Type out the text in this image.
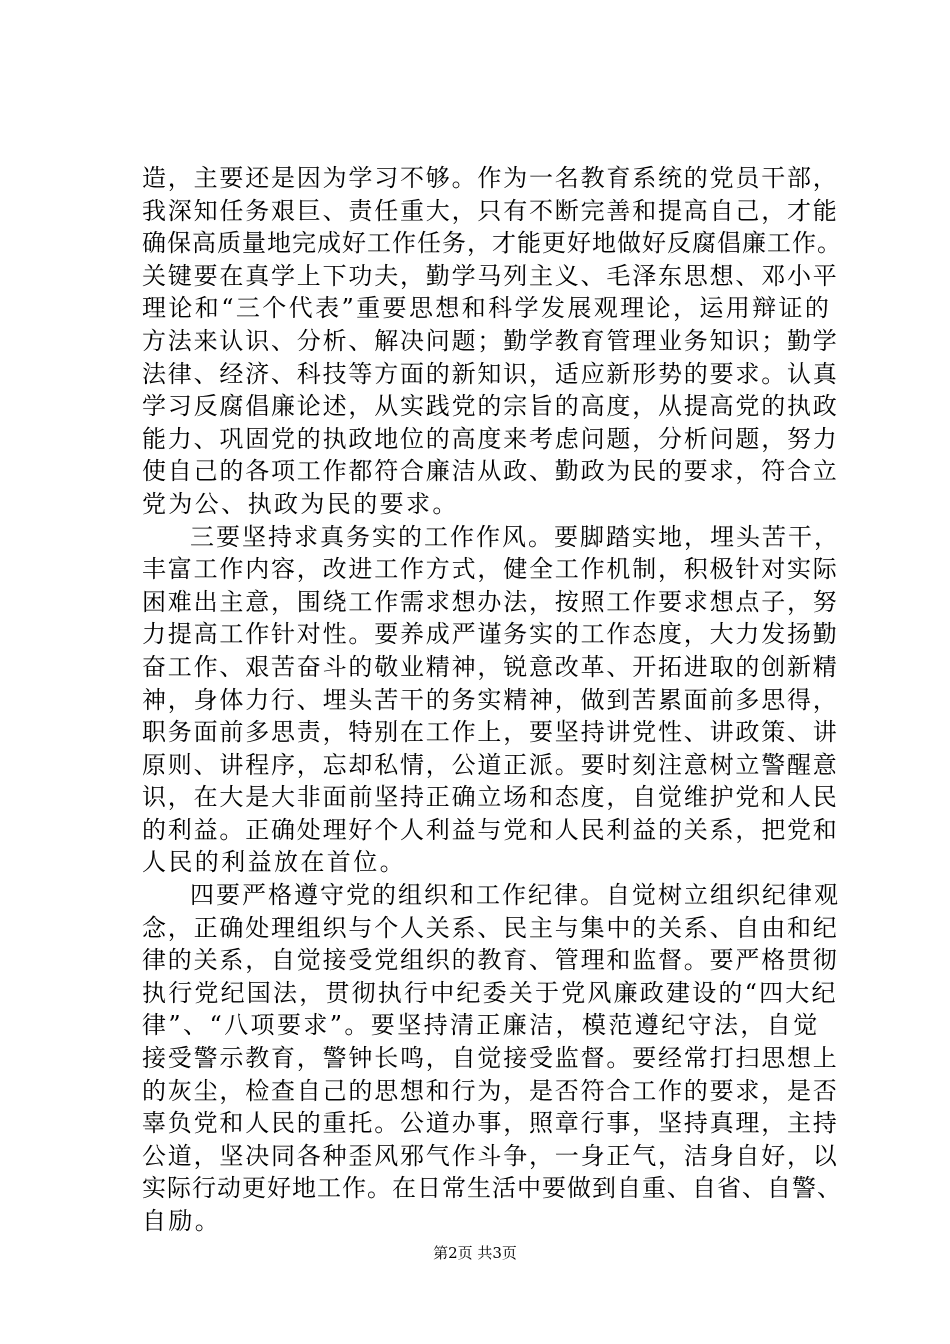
造，主要还是因为学习不够。作为一名教育系统的党员干部，
我深知任务艰巨、责任重大，只有不断完善和提高自己，才能
确保高质量地完成好工作任务，才能更好地做好反腐倡廉工作。
关键要在真学上下功夫，勤学马列主义、毛泽东思想、邓小平
理论和“三个代表”重要思想和科学发展观理论，运用辩证的
方法来认识、分析、解决问题；勤学教育管理业务知识；勤学
法律、经济、科技等方面的新知识，适应新形势的要求。认真
学习反腐倡廉论述，从实践党的宗旨的高度，从提高党的执政
能力、巩固党的执政地位的高度来考虑问题，分析问题，努力
使自己的各项工作都符合廉洁从政、勤政为民的要求，符合立
党为公、执政为民的要求。
三要坚持求真务实的工作作风。要脚踏实地，埋头苦干，
丰富工作内容，改进工作方式，健全工作机制，积极针对实际
困难出主意，围绕工作需求想办法，按照工作要求想点子，努
力提高工作针对性。要养成严谨务实的工作态度，大力发扬勤
奋工作、艰苦奋斗的敬业精神，锐意改革、开拓进取的创新精
神，身体力行、埋头苦干的务实精神，做到苦累面前多思得，
职务面前多思责，特别在工作上，要坚持讲党性、讲政策、讲
原则、讲程序，忘却私情，公道正派。要时刻注意树立警醒意
识，在大是大非面前坚持正确立场和态度，自觉维护党和人民
的利益。正确处理好个人利益与党和人民利益的关系，把党和
人民的利益放在首位。
四要严格遵守党的组织和工作纪律。自觉树立组织纪律观
念，正确处理组织与个人关系、民主与集中的关系、自由和纪
律的关系，自觉接受党组织的教育、管理和监督。要严格贯彻
执行党纪国法，贯彻执行中纪委关于党风廉政建设的“四大纪
律”、“八项要求”。要坚持清正廉洁，模范遵纪守法，自觉
接受警示教育，警钟长鸣，自觉接受监督。要经常打扫思想上
的灰尘，检查自己的思想和行为，是否符合工作的要求，是否
辜负党和人民的重托。公道办事，照章行事，坚持真理，主持
公道，坚决同各种歪风邪气作斗争，一身正气，洁身自好，以
实际行动更好地工作。在日常生活中要做到自重、自省、自警、
自励。
第2页 共3页
